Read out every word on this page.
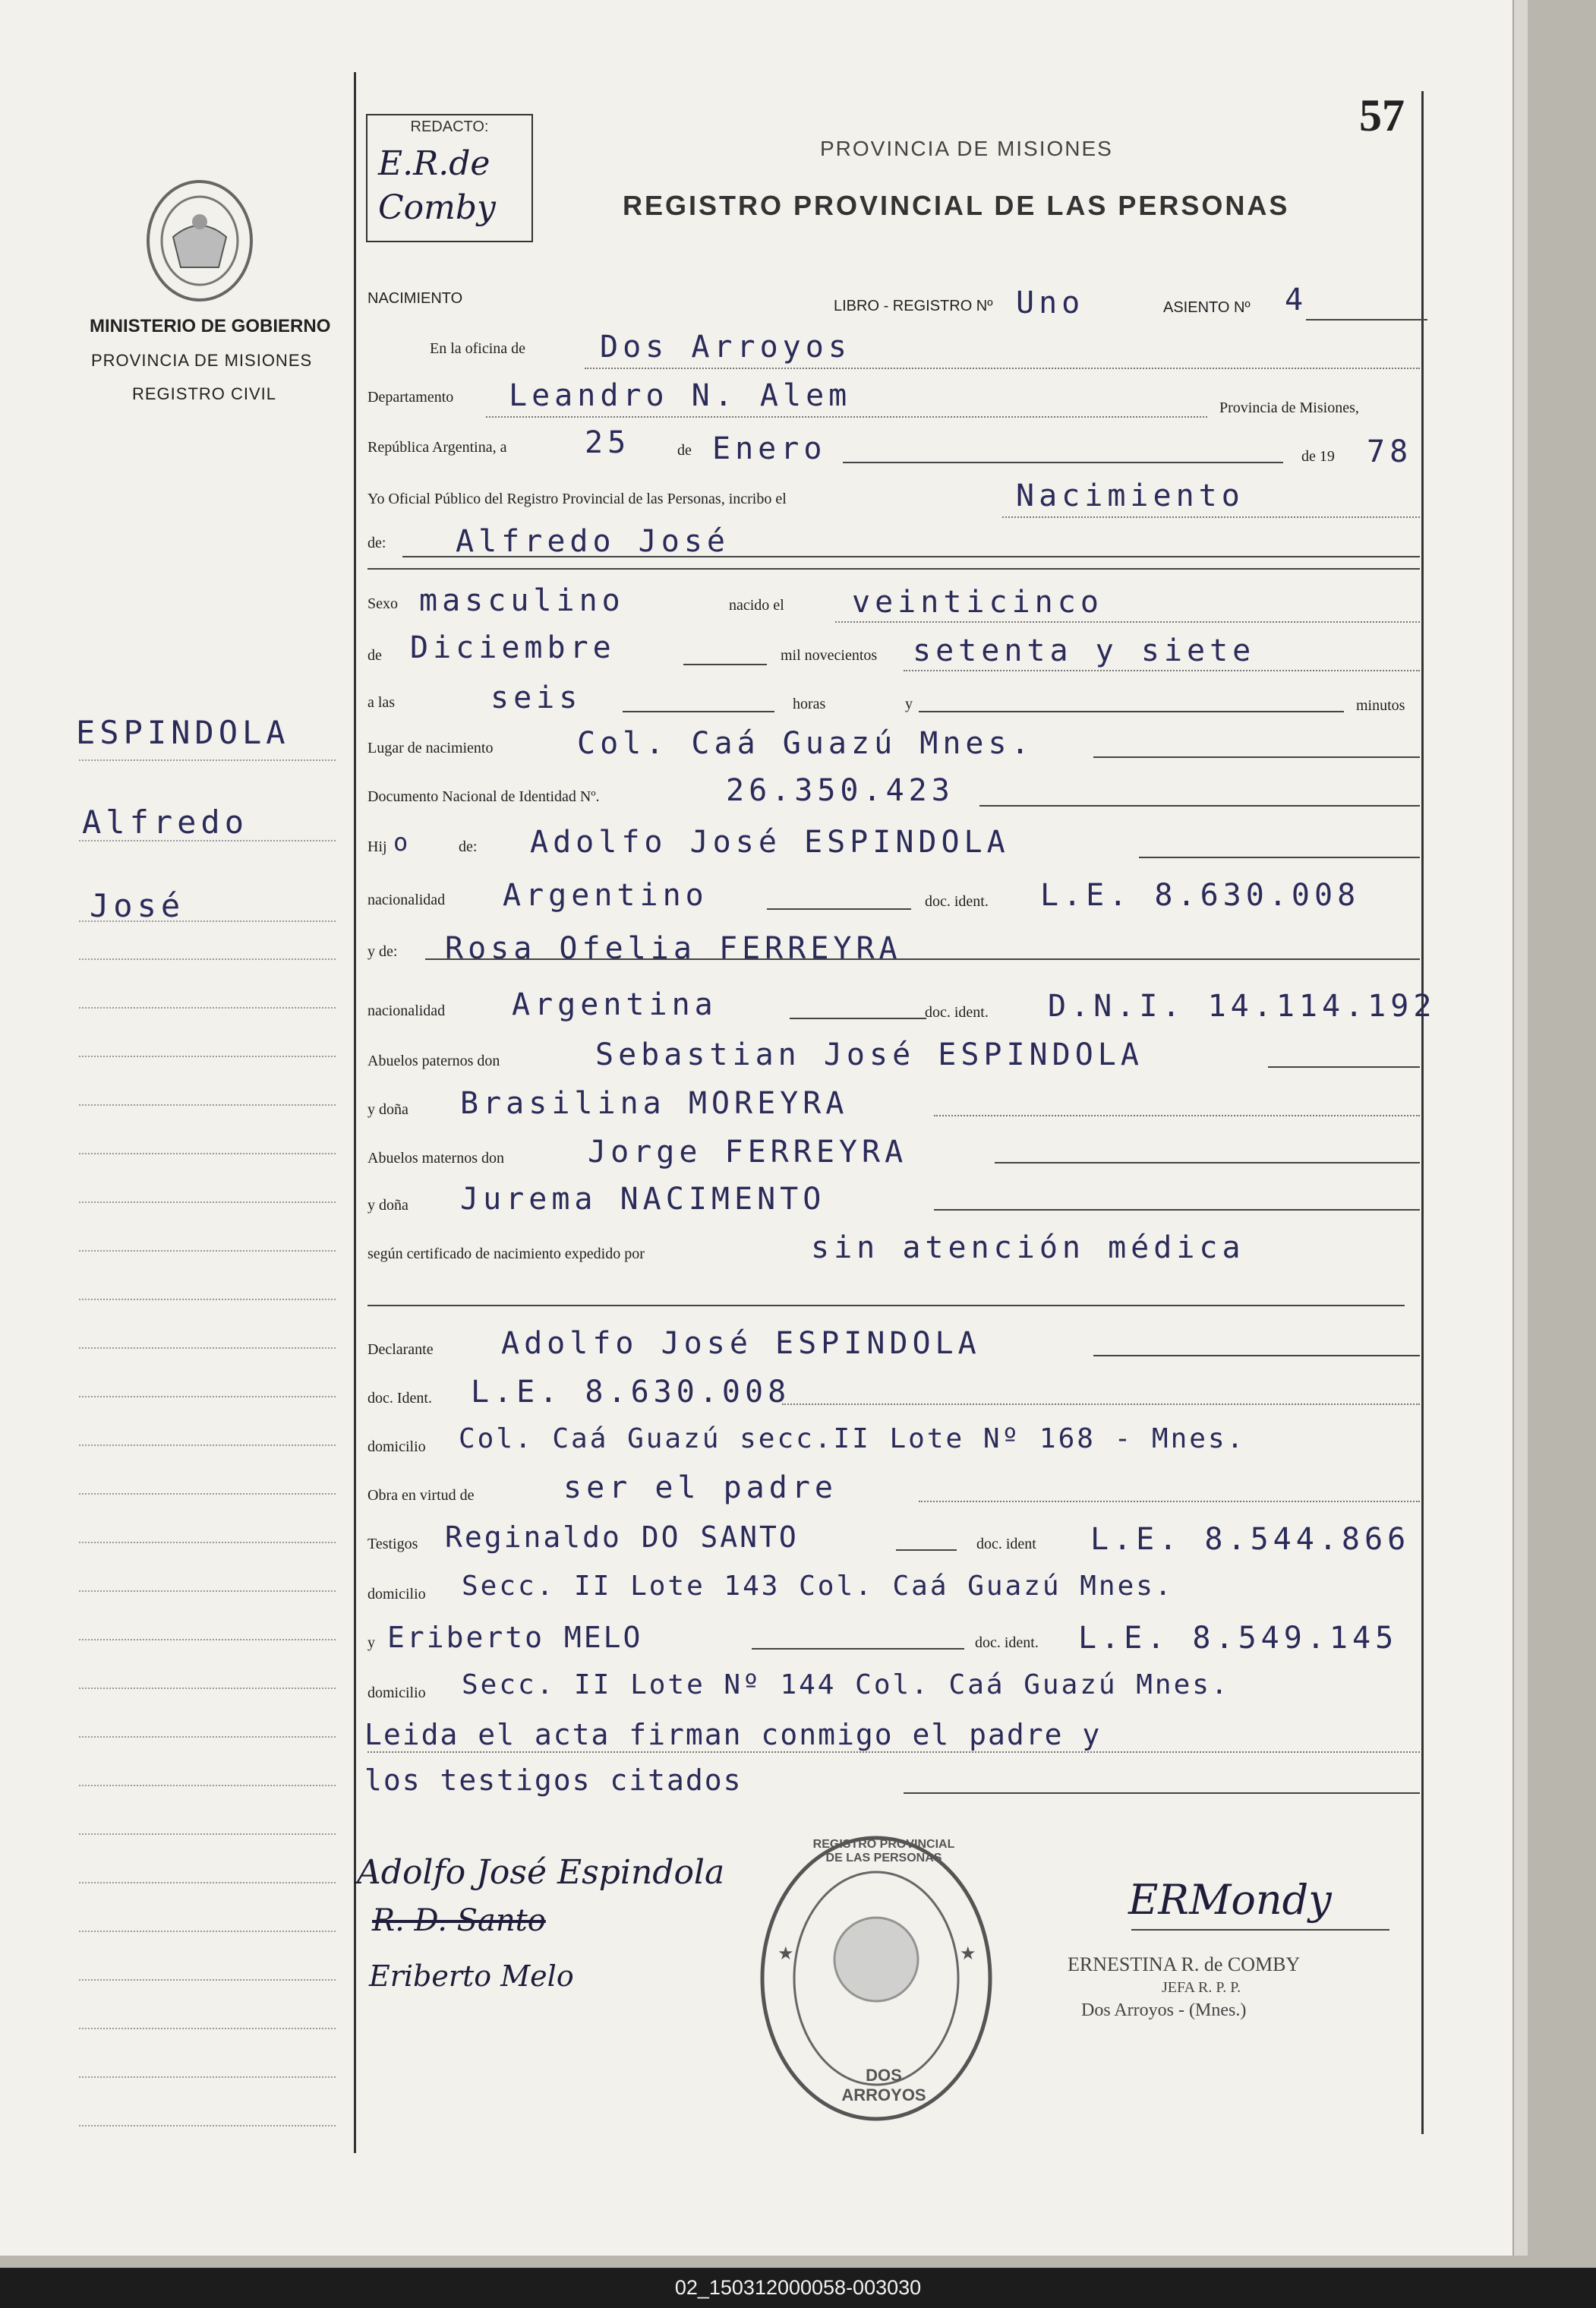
57
REDACTO:
E.R.de
Comby
PROVINCIA DE MISIONES
REGISTRO PROVINCIAL DE LAS PERSONAS
MINISTERIO DE GOBIERNO
PROVINCIA DE MISIONES
REGISTRO CIVIL
ESPINDOLA
Alfredo
José
NACIMIENTO	LIBRO - REGISTRO Nº Uno	ASIENTO Nº 4
En la oficina de Dos Arroyos
Departamento Leandro N. Alem	Provincia de Misiones,
República Argentina, a	25	de Enero	de 19 78
Yo Oficial Público del Registro Provincial de las Personas, incribo el	Nacimiento
de: Alfredo José
Sexo masculino	nacido el veinticinco
de Diciembre	mil novecientos setenta y siete
a las	seis	horas	y	minutos
Lugar de nacimiento	Col. Caá Guazú Mnes.
Documento Nacional de Identidad Nº.	26.350.423
Hij o	de: Adolfo José ESPINDOLA
nacionalidad Argentino	doc. ident. L.E. 8.630.008
y de: Rosa Ofelia FERREYRA
nacionalidad Argentina	doc. ident. D.N.I. 14.114.192
Abuelos paternos don	Sebastian José ESPINDOLA
y doña Brasilina MOREYRA
Abuelos maternos don	Jorge FERREYRA
y doña Jurema NACIMENTO
según certificado de nacimiento expedido por	sin atención médica
Declarante Adolfo José ESPINDOLA
doc. Ident. L.E. 8.630.008
domicilio Col. Caá Guazú secc.II Lote Nº 168 - Mnes.
Obra en virtud de	ser el padre
Testigos Reginaldo DO SANTO	doc. ident L.E. 8.544.866
domicilio Secc. II Lote 143 Col. Caá Guazú Mnes.
y Eriberto MELO	doc. ident. L.E. 8.549.145
domicilio Secc. II Lote Nº 144 Col. Caá Guazú Mnes.
Leida el acta firman conmigo el padre y
los testigos citados
Adolfo José Espindola
R. D. Santo
Eriberto Melo
★	★
REGISTRO PROVINCIAL DE LAS PERSONAS
DOS ARROYOS
ERMondy
ERNESTINA R. de COMBY
JEFA R. P. P.
Dos Arroyos - (Mnes.)
02_150312000058-003030
